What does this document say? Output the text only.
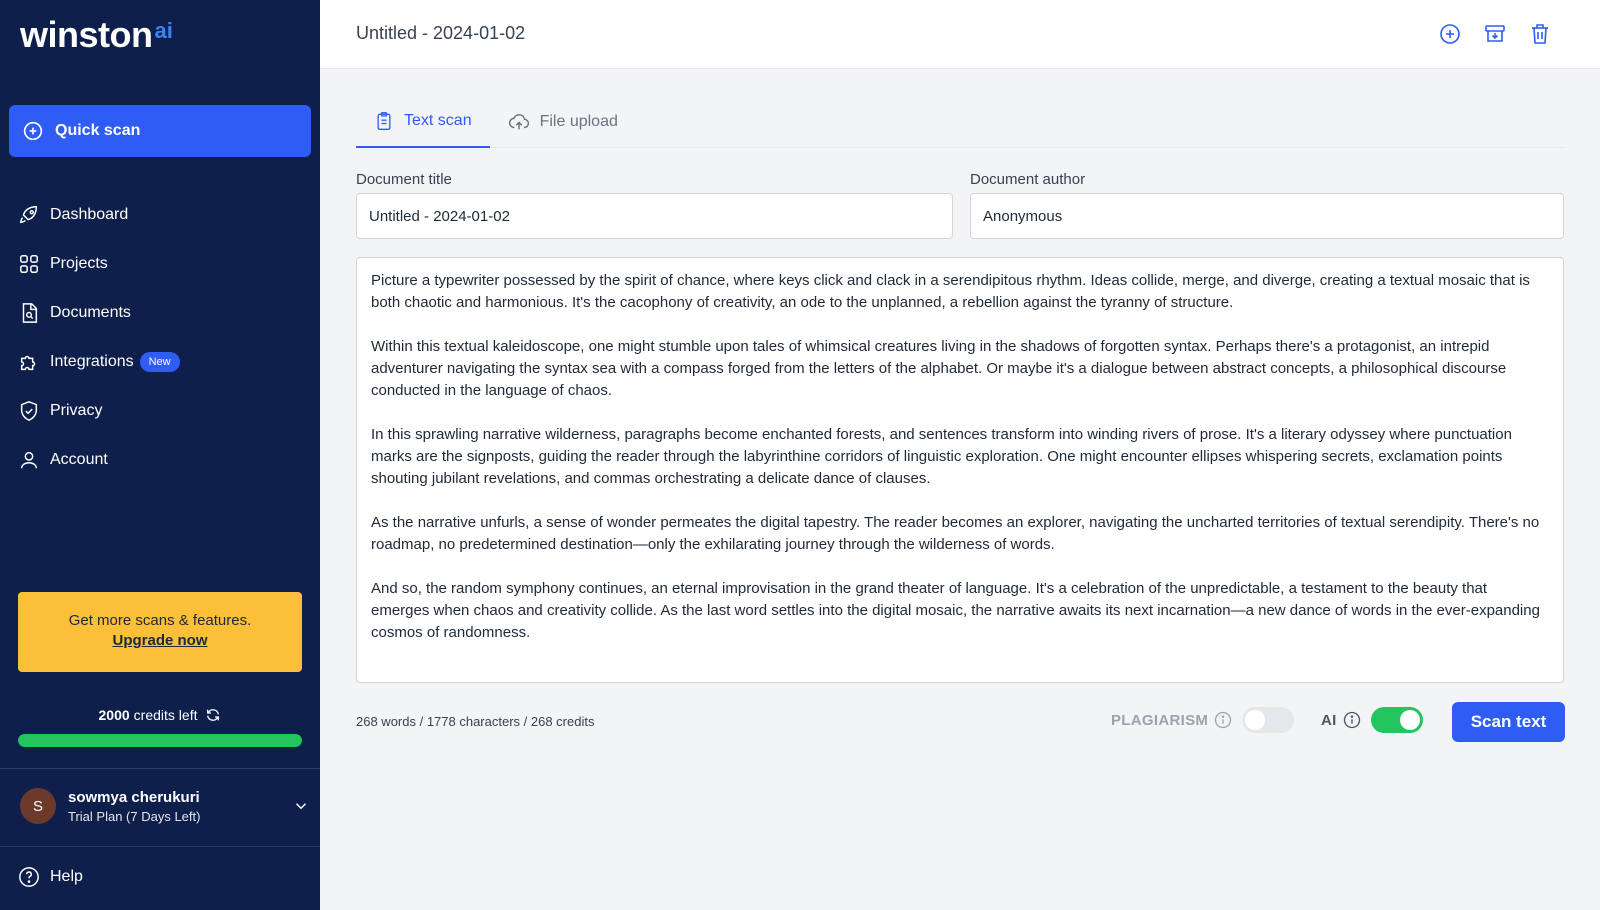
winston ai
Quick scan
Dashboard
Projects
Documents
Integrations	New
Privacy
Account
Get more scans & features.
Upgrade now
2000 credits left
S
sowmya cherukuri
Trial Plan (7 Days Left)
Help
Untitled - 2024-01-02
Text scan	File upload
Document title
Untitled - 2024-01-02	Document author
Anonymous

Picture a typewriter possessed by the spirit of chance, where keys click and clack in a serendipitous rhythm. Ideas collide, merge, and diverge, creating a textual mosaic that is both chaotic and harmonious. It's the cacophony of creativity, an ode to the unplanned, a rebellion against the tyranny of structure.

Within this textual kaleidoscope, one might stumble upon tales of whimsical creatures living in the shadows of forgotten syntax. Perhaps there's a protagonist, an intrepid adventurer navigating the syntax sea with a compass forged from the letters of the alphabet. Or maybe it's a dialogue between abstract concepts, a philosophical discourse conducted in the language of chaos.

In this sprawling narrative wilderness, paragraphs become enchanted forests, and sentences transform into winding rivers of prose. It's a literary odyssey where punctuation marks are the signposts, guiding the reader through the labyrinthine corridors of linguistic exploration. One might encounter ellipses whispering secrets, exclamation points shouting jubilant revelations, and commas orchestrating a delicate dance of clauses.

As the narrative unfurls, a sense of wonder permeates the digital tapestry. The reader becomes an explorer, navigating the uncharted territories of textual serendipity. There's no roadmap, no predetermined destination—only the exhilarating journey through the wilderness of words.

And so, the random symphony continues, an eternal improvisation in the grand theater of language. It's a celebration of the unpredictable, a testament to the beauty that emerges when chaos and creativity collide. As the last word settles into the digital mosaic, the narrative awaits its next incarnation—a new dance of words in the ever-expanding cosmos of randomness.

268 words / 1778 characters / 268 credits	PLAGIARISM	AI	Scan text
